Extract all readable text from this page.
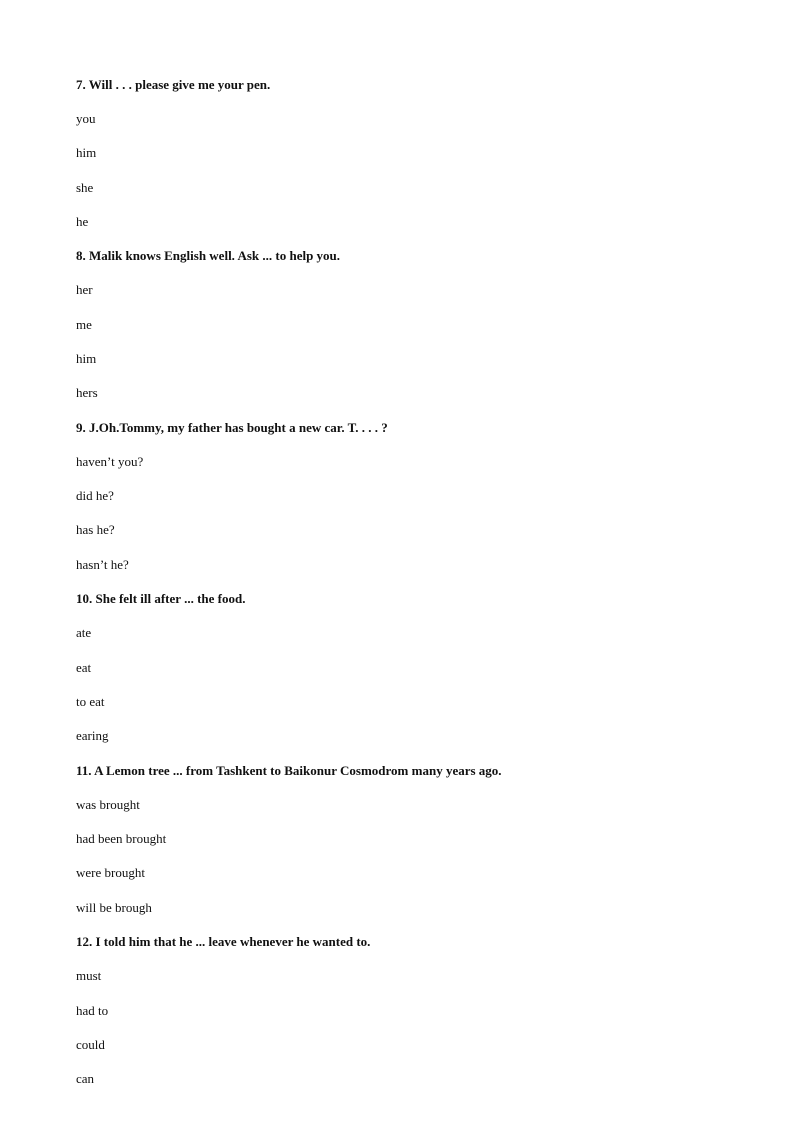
7. Will . . . please give me your pen.
you
him
she
he
8. Malik knows English well. Ask ... to help you.
her
me
him
hers
9. J.Oh.Tommy, my father has bought a new car. T. . . . ?
haven’t you?
did he?
has he?
hasn’t he?
10. She felt ill after ... the food.
ate
eat
to eat
earing
11. A Lemon tree ... from Tashkent to Baikonur Cosmodrom many years ago.
was brought
had been brought
were brought
will be brough
12. I told him that he ... leave whenever he wanted to.
must
had to
could
can
